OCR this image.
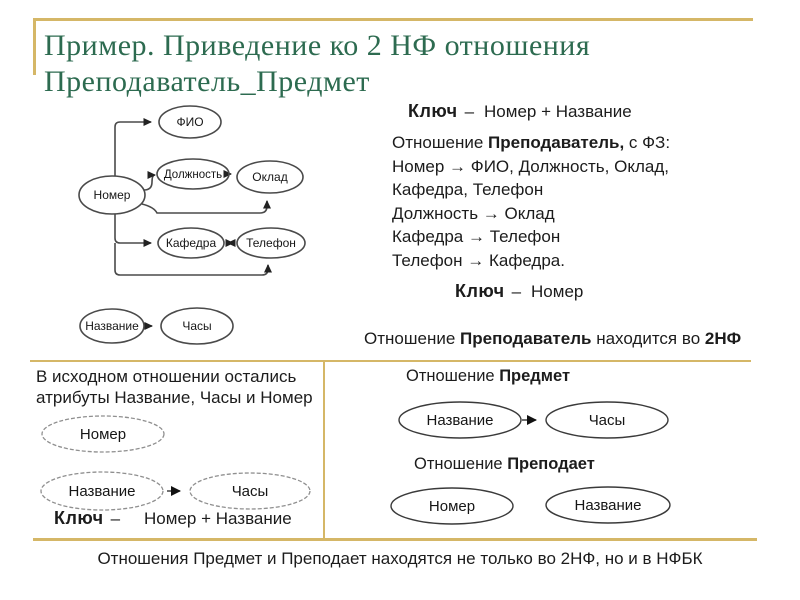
Пример. Приведение ко 2 НФ отношения
Преподаватель_Предмет
ФИО
Должность	Оклад
Номер
Кафедра Телефон
Название	Часы
Ключ – Номер + Название
Отношение Преподаватель, с ФЗ:
Номер → ФИО, Должность, Оклад,
Кафедра, Телефон
Должность → Оклад
Кафедра → Телефон
Телефон → Кафедра.
Ключ – Номер
Отношение Преподаватель находится во 2НФ
В исходном отношении остались
атрибуты Название, Часы и Номер
Номер
Название	Часы
Ключ – Номер + Название
Отношение Предмет
Название	Часы
Номер	Название
Отношение Преподает
Отношения Предмет и Преподает находятся не только во 2НФ, но и в НФБК
